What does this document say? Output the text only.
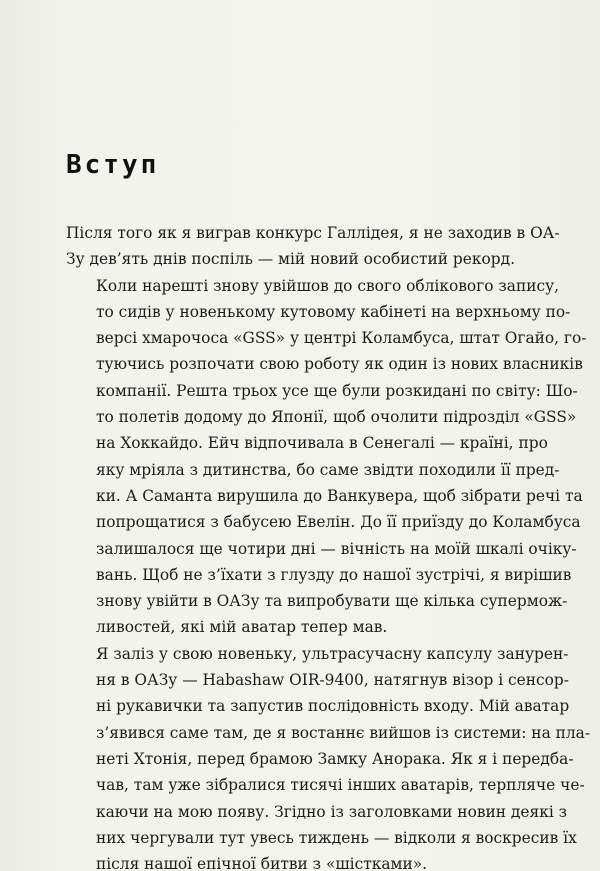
Вступ

Після того як я виграв конкурс Галлідея, я не заходив в ОА-
Зу дев’ять днів поспіль — мій новий особистий рекорд.

Коли нарешті знову увійшов до свого облікового запису,
то сидів у новенькому кутовому кабінеті на верхньому по-
версі хмарочоса «GSS» у центрі Коламбуса, штат Огайо, го-
туючись розпочати свою роботу як один із нових власників
компанії. Решта трьох усе ще були розкидані по світу: Шо-
то полетів додому до Японії, щоб очолити підрозділ «GSS»
на Хоккайдо. Ейч відпочивала в Сенегалі — країні, про
яку мріяла з дитинства, бо саме звідти походили її пред-
ки. А Саманта вирушила до Ванкувера, щоб зібрати речі та
попрощатися з бабусею Евелін. До її приїзду до Коламбуса
залишалося ще чотири дні — вічність на моїй шкалі очіку-
вань. Щоб не з’їхати з глузду до нашої зустрічі, я вирішив
знову увійти в ОАЗу та випробувати ще кілька супермож-
ливостей, які мій аватар тепер мав.

Я заліз у свою новеньку, ультрасучасну капсулу занурен-
ня в ОАЗу — Habashaw OIR-9400, натягнув візор і сенсор-
ні рукавички та запустив послідовність входу. Мій аватар
з’явився саме там, де я востаннє вийшов із системи: на пла-
неті Хтонія, перед брамою Замку Анорака. Як я і передба-
чав, там уже зібралися тисячі інших аватарів, терпляче че-
каючи на мою появу. Згідно із заголовками новин деякі з
них чергували тут увесь тиждень — відколи я воскресив їх
після нашої епічної битви з «шістками».
